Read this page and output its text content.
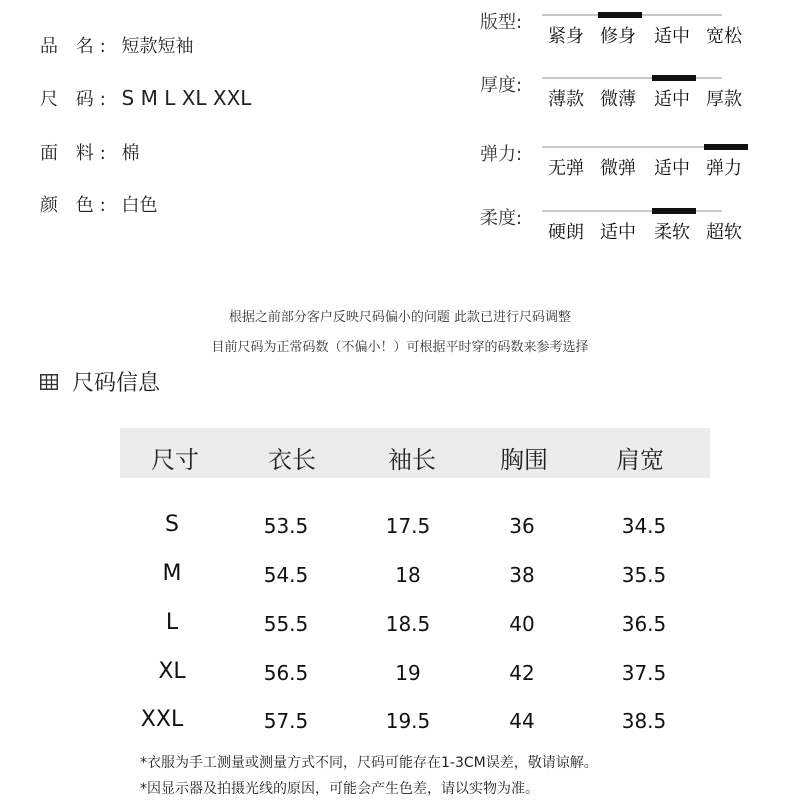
品 名: 短款短袖
尺 码: S M L XL XXL
面 料: 棉
颜 色: 白色
版型:
紧身 修身 适中 宽松
厚度:
薄款 微薄 适中 厚款
弹力:
无弹 微弹 适中 弹力
柔度:
硬朗 适中 柔软 超软
根据之前部分客户反映尺码偏小的问题 此款已进行尺码调整
目前尺码为正常码数（不偏小！）可根据平时穿的码数来参考选择
尺码信息
尺寸	衣长	袖长	胸围	肩宽
S	53.5	17.5	36	34.5
M	54.5	18	38	35.5
L	55.5	18.5	40	36.5
XL	56.5	19	42	37.5
XXL	57.5	19.5	44	38.5
*衣服为手工测量或测量方式不同，尺码可能存在1-3CM误差，敬请谅解。
*因显示器及拍摄光线的原因，可能会产生色差，请以实物为准。
